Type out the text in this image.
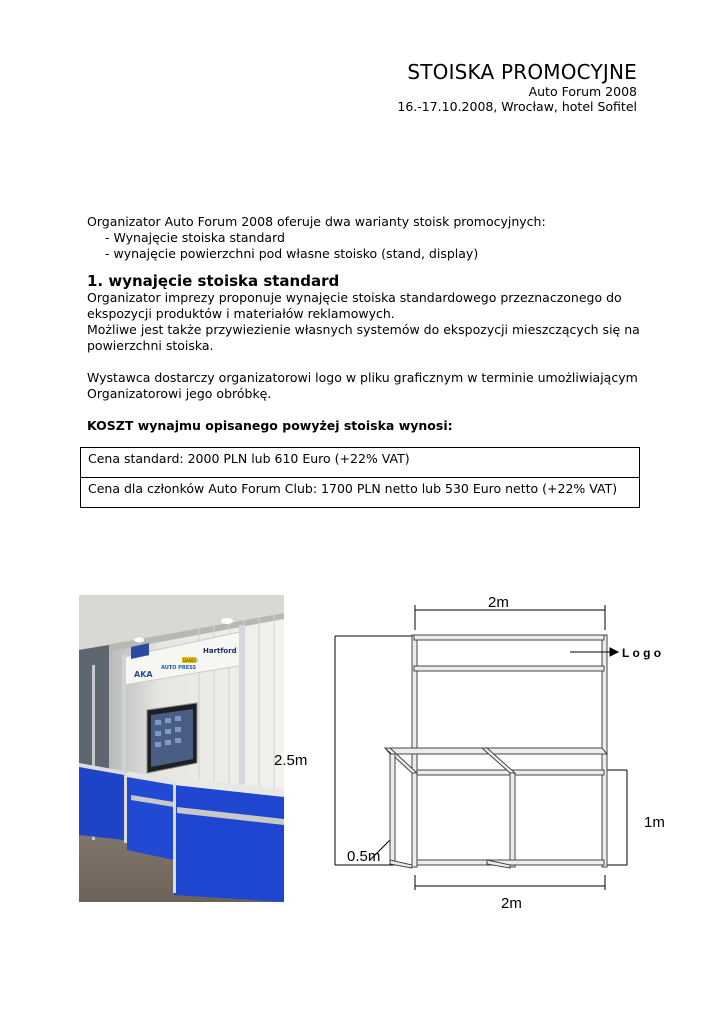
STOISKA PROMOCYJNE
Auto Forum 2008
16.-17.10.2008, Wrocław, hotel Sofitel

Organizator Auto Forum 2008 oferuje dwa warianty stoisk promocyjnych:

- Wynajęcie stoiska standard

- wynajęcie powierzchni pod własne stoisko (stand, display)

1. wynajęcie stoiska standard

Organizator imprezy proponuje wynajęcie stoiska standardowego przeznaczonego do

ekspozycji produktów i materiałów reklamowych.

Możliwe jest także przywiezienie własnych systemów do ekspozycji mieszczących się na

powierzchni stoiska.

Wystawca dostarczy organizatorowi logo w pliku graficznym w terminie umożliwiającym

Organizatorowi jego obróbkę.

KOSZT wynajmu opisanego powyżej stoiska wynosi:

Cena standard: 2000 PLN lub 610 Euro (+22% VAT)
Cena dla członków Auto Forum Club: 1700 PLN netto lub 530 Euro netto (+22% VAT)
AKA
AUTO PRESS
DANCO
Hartford	L o g o
2m
2.5m
1m
0.5m
2m
